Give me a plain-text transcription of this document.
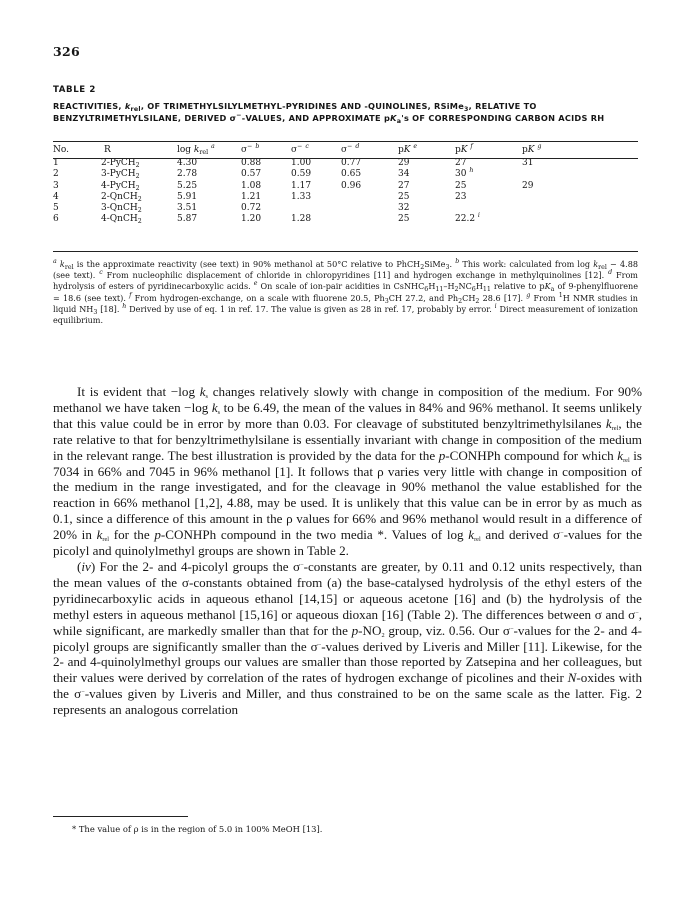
326
TABLE 2
REACTIVITIES, $k_{rel}$, OF TRIMETHYLSILYLMETHYL-PYRIDINES AND -QUINOLINES, RSiMe$_3$, RELATIVE TO BENZYLTRIMETHYLSILANE, DERIVED σ−-VALUES, AND APPROXIMATE $pK_a's$ OF CORRESPONDING CARBON ACIDS RH
No.	R	$\log k_{rel}$ $^a$	σ− $^b$	σ− $^c$	σ− $^d$	pK $^e$	pK $^f$	pK $^g$
1	2-PyCH$_2$	4.30	0.88	1.00	0.77	29	27	31
2	3-PyCH$_2$	2.78	0.57	0.59	0.65	34	30 $^h$	
3	4-PyCH$_2$	5.25	1.08	1.17	0.96	27	25	29
4	2-QnCH$_2$	5.91	1.21	1.33		25	23	
5	3-QnCH$_2$	3.51	0.72			32		
6	4-QnCH$_2$	5.87	1.20	1.28		25	22.2 $^i$	

$^a$ $k_{rel}$ is the approximate reactivity (see text) in 90% methanol at 50°C relative to PhCH$_2$SiMe$_3$. $^b$ This work: calculated from $\log k_{rel} - 4.88$ (see text). $^c$ From nucleophilic displacement of chloride in chloropyridines [11] and hydrogen exchange in methylquinolines [12]. $^d$ From hydrolysis of esters of pyridinecarboxylic acids. $^e$ On scale of ion-pair acidities in $CsNHC_6H_{11}-H_2NC_6H_{11}$ relative to $pK_a$ of 9-phenylfluorene = 18.6 (see text). $^f$ From hydrogen-exchange, on a scale with fluorene 20.5, $Ph_3CH$ 27.2, and $Ph_2CH_2$ 28.6 [17]. $^g$ From $^1$H NMR studies in liquid $NH_3$ [18]. $^h$ Derived by use of eq. 1 in ref. 17. The value is given as 28 in ref. 17, probably by error. $^i$ Direct measurement of ionization equilibrium.

It is evident that −log $k_s$ changes relatively slowly with change in composition of the medium. For 90% methanol we have taken −log $k_s$ to be 6.49, the mean of the values in 84% and 96% methanol. It seems unlikely that this value could be in error by more than 0.03. For cleavage of substituted benzyltrimethylsilanes $k_{rel}$, the rate relative to that for benzyltrimethylsilane is essentially invariant with change in composition of the medium in the relevant range. The best illustration is provided by the data for the p-CONHPh compound for which $k_{rel}$ is 7034 in 66% and 7045 in 96% methanol [1]. It follows that ρ varies very little with change in composition of the medium in the range investigated, and for the cleavage in 90% methanol the value established for the reaction in 66% methanol [1,2], 4.88, may be used. It is unlikely that this value can be in error by as much as 0.1, since a difference of this amount in the ρ values for 66% and 96% methanol would result in a difference of 20% in $k_{rel}$ for the p-CONHPh compound in the two media *. Values of $\log k_{rel}$ and derived σ−-values for the picolyl and quinolylmethyl groups are shown in Table 2.

(iv) For the 2- and 4-picolyl groups the σ−-constants are greater, by 0.11 and 0.12 units respectively, than the mean values of the σ-constants obtained from (a) the base-catalysed hydrolysis of the ethyl esters of the pyridinecarboxylic acids in aqueous ethanol [14,15] or aqueous acetone [16] and (b) the hydrolysis of the methyl esters in aqueous methanol [15,16] or aqueous dioxan [16] (Table 2). The differences between σ and σ−, while significant, are markedly smaller than that for the $p-NO_2$ group, viz. 0.56. Our σ−-values for the 2- and 4-picolyl groups are significantly smaller than the σ−-values derived by Liveris and Miller [11]. Likewise, for the 2- and 4-quinolylmethyl groups our values are smaller than those reported by Zatsepina and her colleagues, but their values were derived by correlation of the rates of hydrogen exchange of picolines and their N-oxides with the σ−-values given by Liveris and Miller, and thus constrained to be on the same scale as the latter. Fig. 2 represents an analogous correlation

* The value of ρ is in the region of 5.0 in 100% MeOH [13].
